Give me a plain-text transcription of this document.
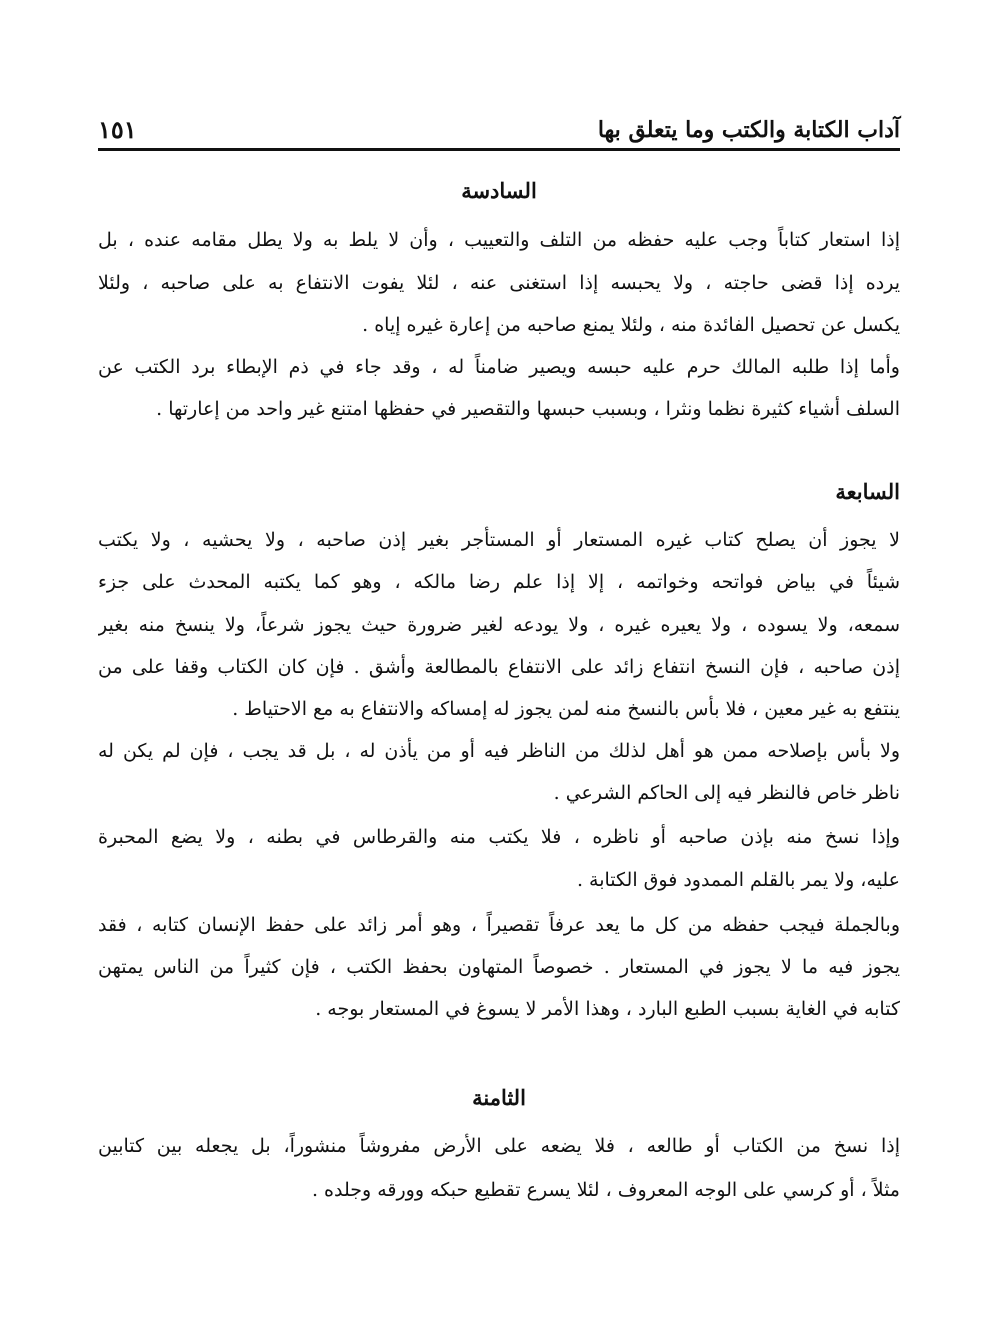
آداب الكتابة والكتب وما يتعلق بها
١٥١
السادسة
إذا استعار كتاباً وجب عليه حفظه من التلف والتعييب ، وأن لا يلط به ولا يطل مقامه عنده ، بل
يرده إذا قضى حاجته ، ولا يحبسه إذا استغنى عنه ، لئلا يفوت الانتفاع به على صاحبه ، ولئلا
يكسل عن تحصيل الفائدة منه ، ولئلا يمنع صاحبه من إعارة غيره إياه .
وأما إذا طلبه المالك حرم عليه حبسه ويصير ضامناً له ، وقد جاء في ذم الإبطاء برد الكتب عن
السلف أشياء كثيرة نظما ونثرا ، وبسبب حبسها والتقصير في حفظها امتنع غير واحد من إعارتها .
السابعة
لا يجوز أن يصلح كتاب غيره المستعار أو المستأجر بغير إذن صاحبه ، ولا يحشيه ، ولا يكتب
شيئاً في بياض فواتحه وخواتمه ، إلا إذا علم رضا مالكه ، وهو كما يكتبه المحدث على جزء
سمعه، ولا يسوده ، ولا يعيره غيره ، ولا يودعه لغير ضرورة حيث يجوز شرعاً، ولا ينسخ منه بغير
إذن صاحبه ، فإن النسخ انتفاع زائد على الانتفاع بالمطالعة وأشق . فإن كان الكتاب وقفا على من
ينتفع به غير معين ، فلا بأس بالنسخ منه لمن يجوز له إمساكه والانتفاع به مع الاحتياط .
ولا بأس بإصلاحه ممن هو أهل لذلك من الناظر فيه أو من يأذن له ، بل قد يجب ، فإن لم يكن له
ناظر خاص فالنظر فيه إلى الحاكم الشرعي .
وإذا نسخ منه بإذن صاحبه أو ناظره ، فلا يكتب منه والقرطاس في بطنه ، ولا يضع المحبرة
عليه، ولا يمر بالقلم الممدود فوق الكتابة .
وبالجملة فيجب حفظه من كل ما يعد عرفاً تقصيراً ، وهو أمر زائد على حفظ الإنسان كتابه ، فقد
يجوز فيه ما لا يجوز في المستعار . خصوصاً المتهاون بحفظ الكتب ، فإن كثيراً من الناس يمتهن
كتابه في الغاية بسبب الطبع البارد ، وهذا الأمر لا يسوغ في المستعار بوجه .
الثامنة
إذا نسخ من الكتاب أو طالعه ، فلا يضعه على الأرض مفروشاً منشوراً، بل يجعله بين كتابين
مثلاً ، أو كرسي على الوجه المعروف ، لئلا يسرع تقطيع حبكه وورقه وجلده .
